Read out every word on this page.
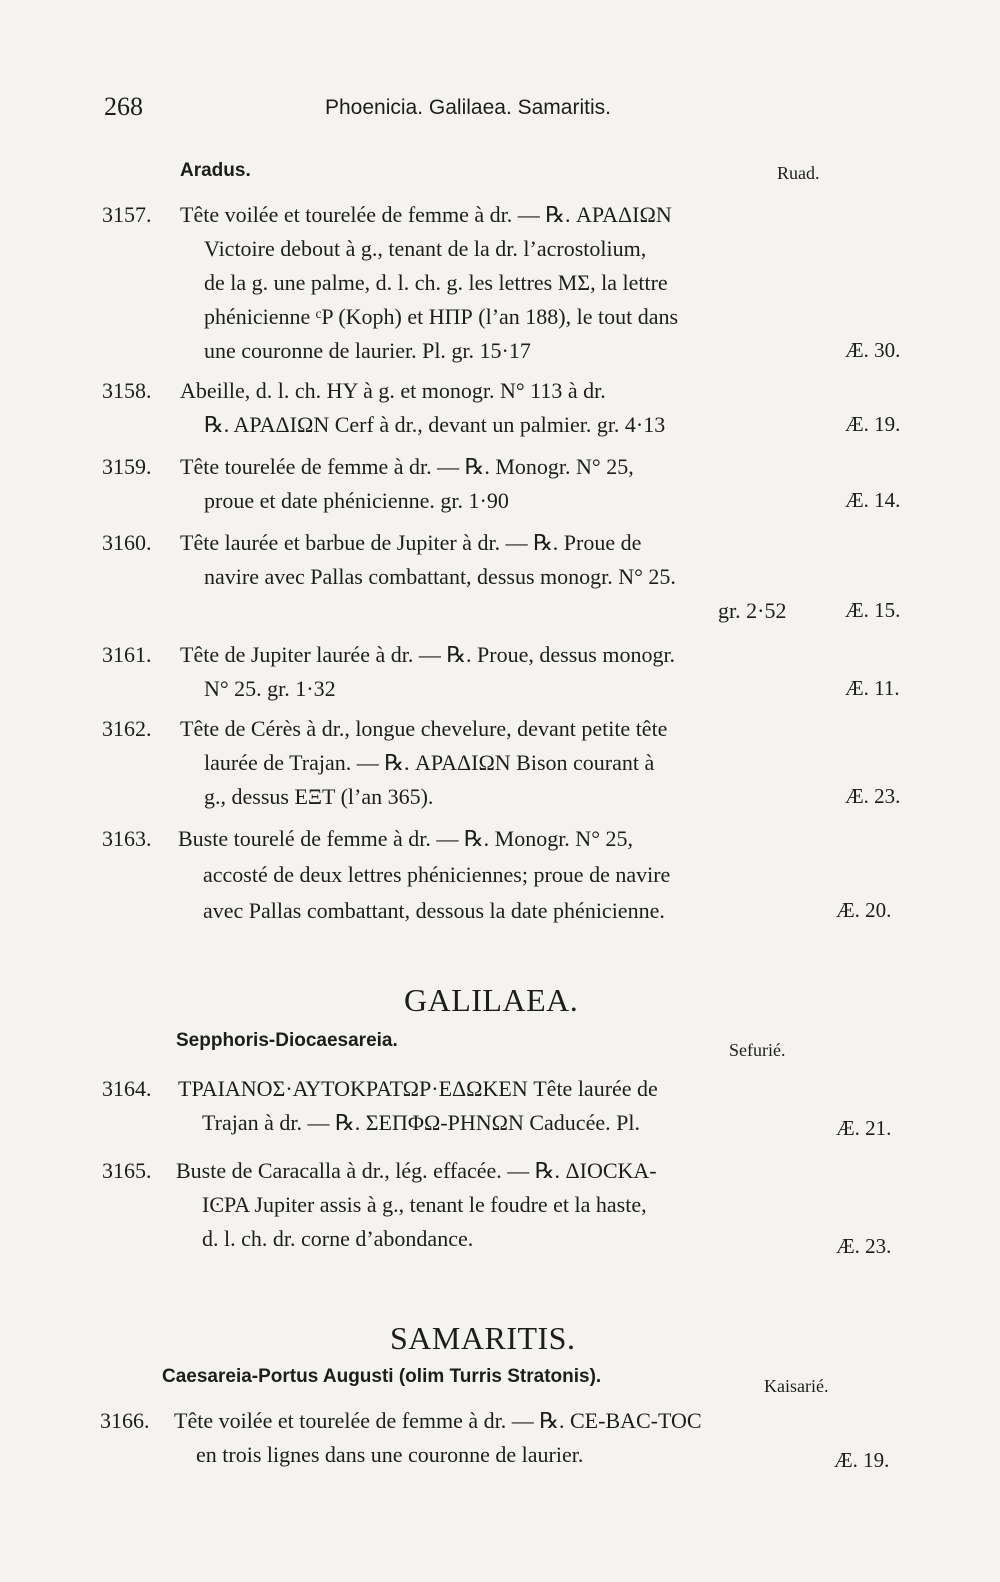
268	Phoenicia. Galilaea. Samaritis.
Aradus.	Ruad.
3157. Tête voilée et tourelée de femme à dr. — ℞. ΑΡΑΔΙΩΝ
Victoire debout à g., tenant de la dr. l’acrostolium,
de la g. une palme, d. l. ch. g. les lettres ΜΣ, la lettre
phénicienne ᶜP (Koph) et ΗΠΡ (l’an 188), le tout dans
une couronne de laurier. Pl. gr. 15·17	Æ. 30.
3158. Abeille, d. l. ch. ΗΥ à g. et monogr. N° 113 à dr.
℞. ΑΡΑΔΙΩΝ Cerf à dr., devant un palmier. gr. 4·13	Æ. 19.
3159. Tête tourelée de femme à dr. — ℞. Monogr. N° 25,
proue et date phénicienne. gr. 1·90	Æ. 14.
3160. Tête laurée et barbue de Jupiter à dr. — ℞. Proue de
navire avec Pallas combattant, dessus monogr. N° 25.
gr. 2·52	Æ. 15.
3161. Tête de Jupiter laurée à dr. — ℞. Proue, dessus monogr.
N° 25. gr. 1·32	Æ. 11.
3162. Tête de Cérès à dr., longue chevelure, devant petite tête
laurée de Trajan. — ℞. ΑΡΑΔΙΩΝ Bison courant à
g., dessus ΕΞΤ (l’an 365).	Æ. 23.
3163. Buste tourelé de femme à dr. — ℞. Monogr. N° 25,
accosté de deux lettres phéniciennes; proue de navire
avec Pallas combattant, dessous la date phénicienne.	Æ. 20.
GALILAEA.
Sepphoris-Diocaesareia.	Sefurié.
3164. ΤΡΑΙΑΝΟΣ·ΑΥΤΟΚΡΑΤΩΡ·ΕΔΩΚΕΝ Tête laurée de
Trajan à dr. — ℞. ΣΕΠΦΩ-ΡΗΝΩΝ Caducée. Pl.	Æ. 21.
3165. Buste de Caracalla à dr., lég. effacée. — ℞. ΔΙΟϹΚΑ-
ΙϾΡΑ Jupiter assis à g., tenant le foudre et la haste,
d. l. ch. dr. corne d’abondance.	Æ. 23.
SAMARITIS.
Caesareia-Portus Augusti (olim Turris Stratonis).	Kaisarié.
3166. Tête voilée et tourelée de femme à dr. — ℞. ϹΕ-ΒΑϹ-ΤΟϹ
en trois lignes dans une couronne de laurier.	Æ. 19.
